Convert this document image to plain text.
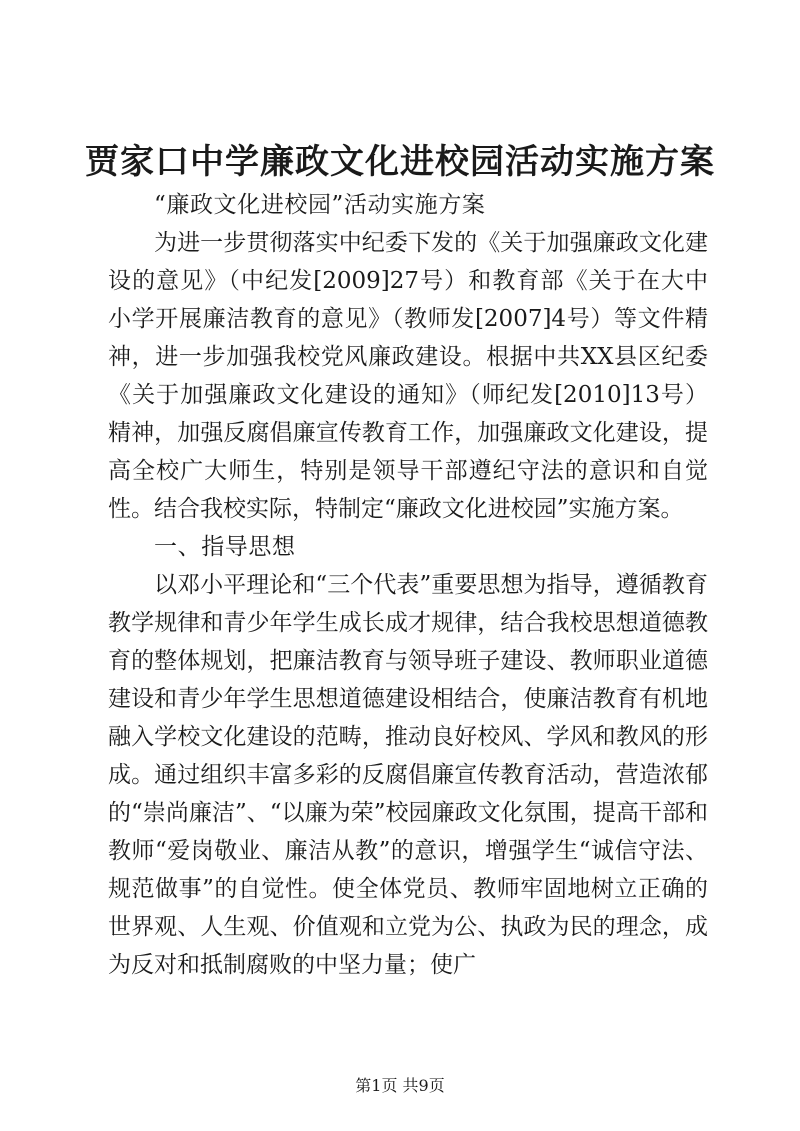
贾家口中学廉政文化进校园活动实施方案

“廉政文化进校园”活动实施方案

为进一步贯彻落实中纪委下发的《关于加强廉政文化建设的意见》（中纪发[2009]27号）和教育部《关于在大中小学开展廉洁教育的意见》（教师发[2007]4号）等文件精神，进一步加强我校党风廉政建设。根据中共XX县区纪委《关于加强廉政文化建设的通知》（师纪发[2010]13号）精神，加强反腐倡廉宣传教育工作，加强廉政文化建设，提高全校广大师生，特别是领导干部遵纪守法的意识和自觉性。结合我校实际，特制定“廉政文化进校园”实施方案。

一、指导思想

以邓小平理论和“三个代表”重要思想为指导，遵循教育教学规律和青少年学生成长成才规律，结合我校思想道德教育的整体规划，把廉洁教育与领导班子建设、教师职业道德建设和青少年学生思想道德建设相结合，使廉洁教育有机地融入学校文化建设的范畴，推动良好校风、学风和教风的形成。通过组织丰富多彩的反腐倡廉宣传教育活动，营造浓郁的“崇尚廉洁”、“以廉为荣”校园廉政文化氛围，提高干部和教师“爱岗敬业、廉洁从教”的意识，增强学生“诚信守法、规范做事”的自觉性。使全体党员、教师牢固地树立正确的世界观、人生观、价值观和立党为公、执政为民的理念，成为反对和抵制腐败的中坚力量；使广

第1页 共9页
